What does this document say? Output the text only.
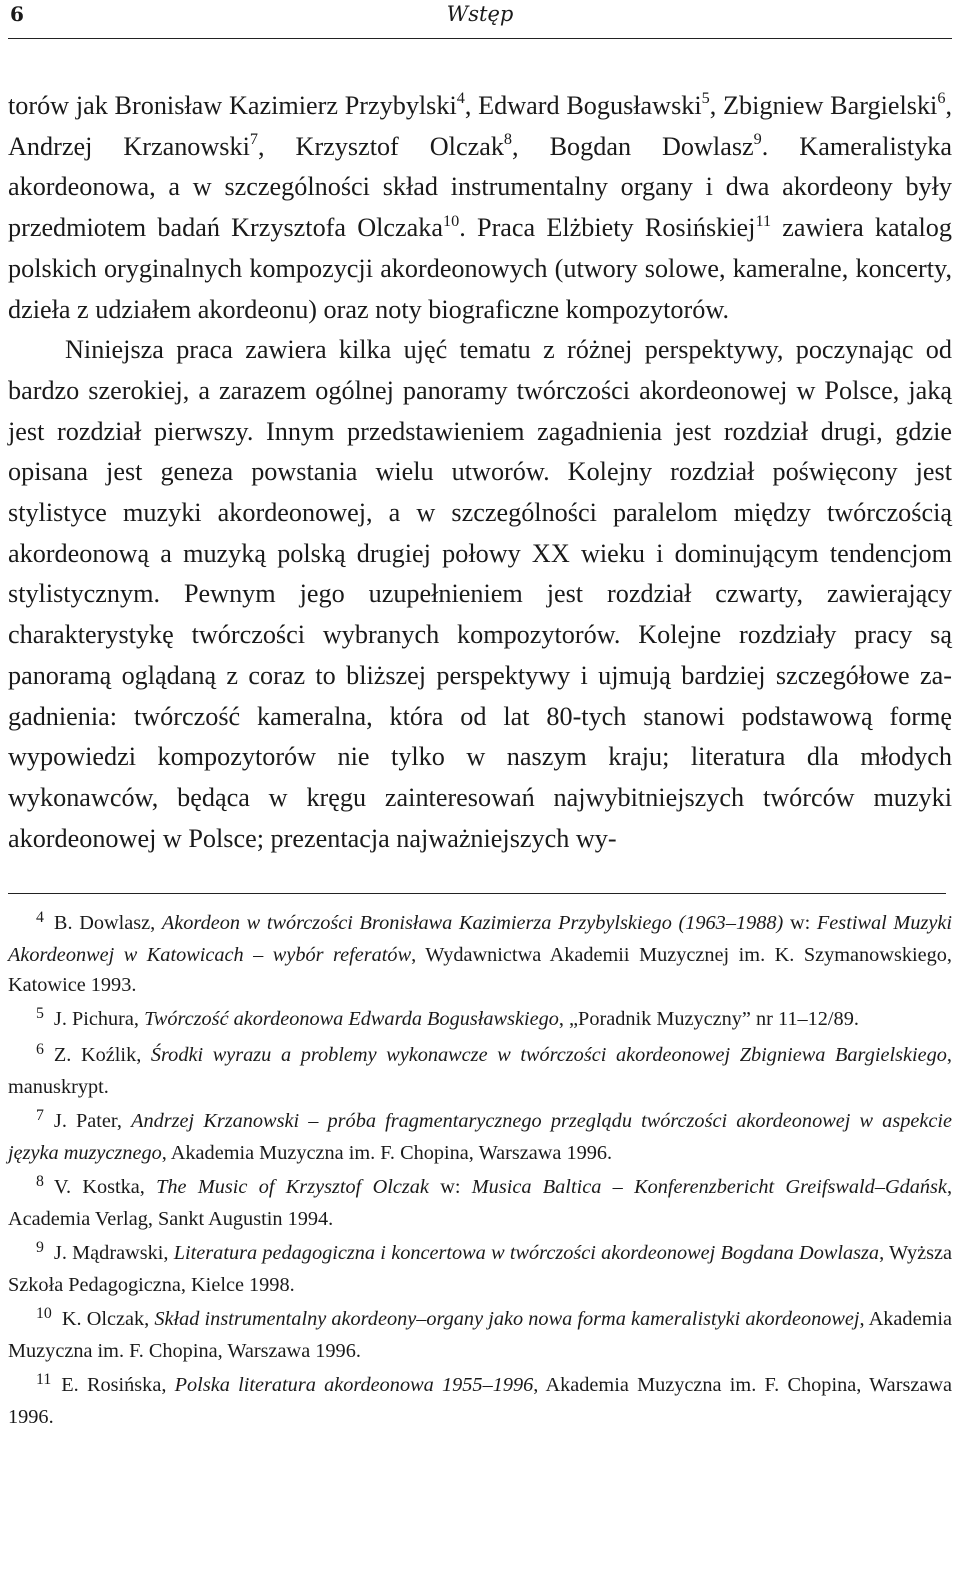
6	Wstęp

torów jak Bronisław Kazimierz Przybylski$^4$, Edward Bogusławski$^5$, Zbigniew Bargielski$^6$, Andrzej Krzanowski$^7$, Krzysztof Olczak$^8$, Bogdan Dowlasz$^9$. Kameralistyka akordeonowa, a w szczególności skład instrumentalny organy i dwa akordeony były przedmiotem badań Krzysztofa Olczaka$^{10}$. Praca Elżbiety Rosińskiej$^{11}$ zawiera katalog polskich oryginalnych kompozycji akordeonowych (utwory solowe, kameralne, koncerty, dzieła z udziałem akordeonu) oraz noty biograficzne kompozytorów.

Niniejsza praca zawiera kilka ujęć tematu z różnej perspektywy, poczynając od bardzo szerokiej, a zarazem ogólnej panoramy twórczości akordeonowej w Polsce, jaką jest rozdział pierwszy. Innym przedstawieniem zagadnienia jest rozdział drugi, gdzie opisana jest geneza powstania wielu utworów. Kolejny rozdział poświęcony jest stylistyce muzyki akordeonowej, a w szczególności paralelom między twórczością akordeonową a muzyką polską drugiej połowy XX wieku i dominującym tendencjom stylistycznym. Pewnym jego uzupełnieniem jest rozdział czwarty, zawierający charakterystykę twórczości wybranych kompozytorów. Kolejne rozdziały pracy są panoramą oglądaną z coraz to bliższej perspektywy i ujmują bardziej szczegółowe zagadnienia: twórczość kameralna, która od lat 80-tych stanowi podstawową formę wypowiedzi kompozytorów nie tylko w naszym kraju; literatura dla młodych wykonawców, będąca w kręgu zainteresowań najwybitniejszych twórców muzyki akordeonowej w Polsce; prezentacja najważniejszych wy-

$^4$ B. Dowlasz, Akordeon w twórczości Bronisława Kazimierza Przybylskiego (1963–1988) w: Festiwal Muzyki Akordeonwej w Katowicach – wybór referatów, Wydawnictwa Akademii Muzycznej im. K. Szymanowskiego, Katowice 1993.

$^5$ J. Pichura, Twórczość akordeonowa Edwarda Bogusławskiego, „Poradnik Muzyczny” nr 11–12/89.

$^6$ Z. Koźlik, Środki wyrazu a problemy wykonawcze w twórczości akordeonowej Zbigniewa Bargielskiego, manuskrypt.

$^7$ J. Pater, Andrzej Krzanowski – próba fragmentarycznego przeglądu twórczości akordeonowej w aspekcie języka muzycznego, Akademia Muzyczna im. F. Chopina, Warszawa 1996.

$^8$ V. Kostka, The Music of Krzysztof Olczak w: Musica Baltica – Konferenzbericht Greifswald–Gdańsk, Academia Verlag, Sankt Augustin 1994.

$^9$ J. Mądrawski, Literatura pedagogiczna i koncertowa w twórczości akordeonowej Bogdana Dowlasza, Wyższa Szkoła Pedagogiczna, Kielce 1998.

$^{10}$ K. Olczak, Skład instrumentalny akordeony–organy jako nowa forma kameralistyki akordeonowej, Akademia Muzyczna im. F. Chopina, Warszawa 1996.

$^{11}$ E. Rosińska, Polska literatura akordeonowa 1955–1996, Akademia Muzyczna im. F. Chopina, Warszawa 1996.
